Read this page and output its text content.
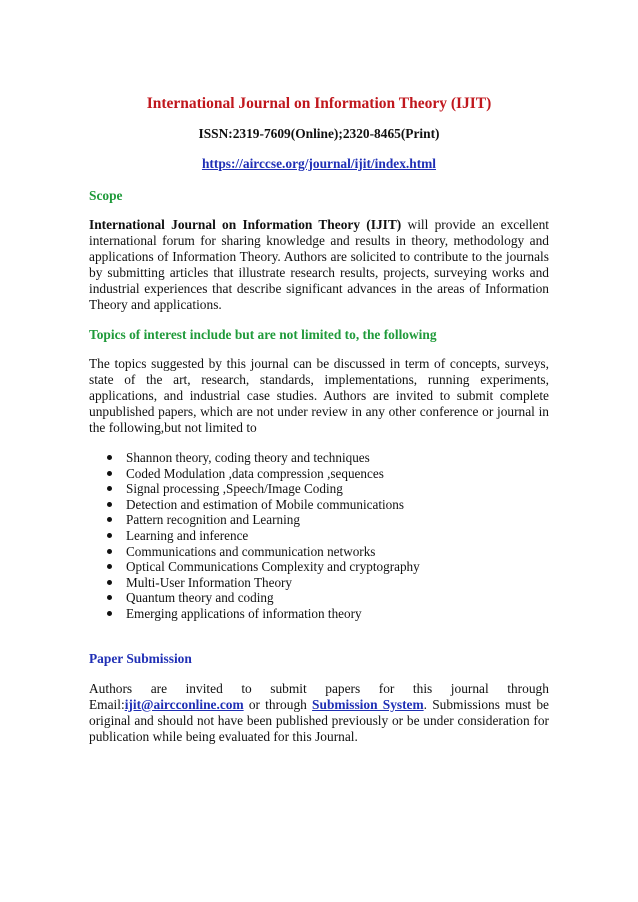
International Journal on Information Theory (IJIT)
ISSN:2319-7609(Online);2320-8465(Print)
https://airccse.org/journal/ijit/index.html
Scope
International Journal on Information Theory (IJIT) will provide an excellent international forum for sharing knowledge and results in theory, methodology and applications of Information Theory. Authors are solicited to contribute to the journals by submitting articles that illustrate research results, projects, surveying works and industrial experiences that describe significant advances in the areas of Information Theory and applications.
Topics of interest include but are not limited to, the following
The topics suggested by this journal can be discussed in term of concepts, surveys, state of the art, research, standards, implementations, running experiments, applications, and industrial case studies. Authors are invited to submit complete unpublished papers, which are not under review in any other conference or journal in the following,but not limited to
Shannon theory, coding theory and techniques
Coded Modulation ,data compression ,sequences
Signal processing ,Speech/Image Coding
Detection and estimation of Mobile communications
Pattern recognition and Learning
Learning and inference
Communications and communication networks
Optical Communications Complexity and cryptography
Multi-User Information Theory
Quantum theory and coding
Emerging applications of information theory
Paper Submission
Authors are invited to submit papers for this journal through
Email:ijit@aircconline.com or through Submission System. Submissions must be original and should not have been published previously or be under consideration for publication while being evaluated for this Journal.
